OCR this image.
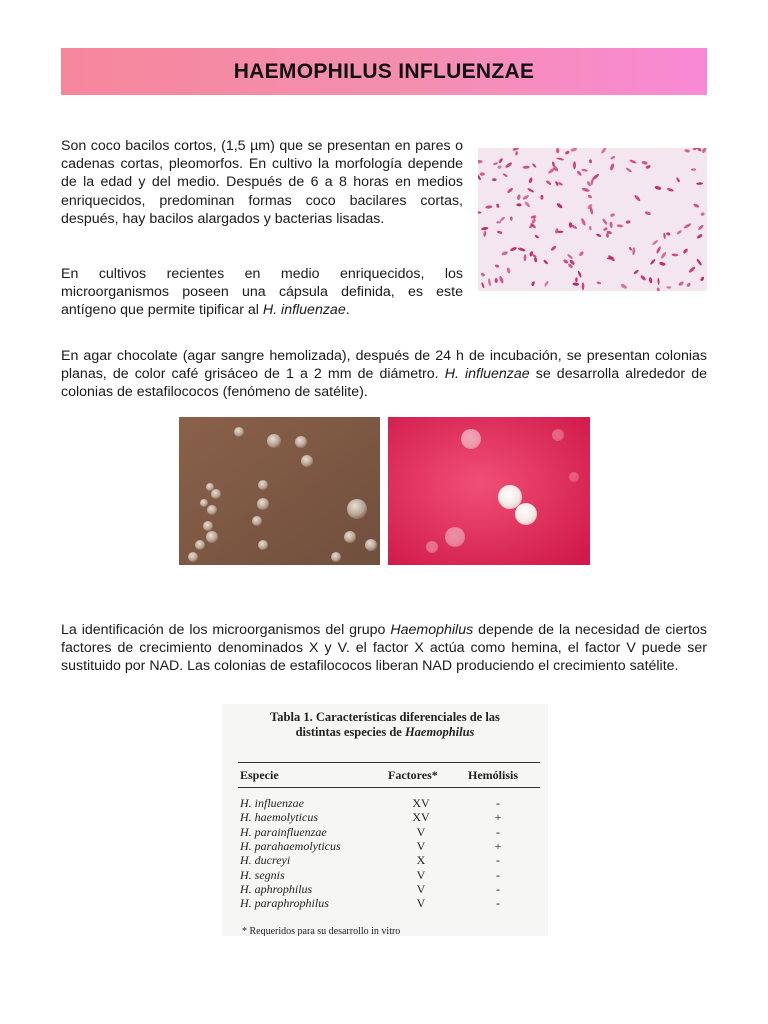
HAEMOPHILUS INFLUENZAE

Son coco bacilos cortos, (1,5 µm) que se presentan en pares o cadenas cortas, pleomorfos. En cultivo la morfología depende de la edad y del medio. Después de 6 a 8 horas en medios enriquecidos, predominan formas coco bacilares cortas, después, hay bacilos alargados y bacterias lisadas.

En cultivos recientes en medio enriquecidos, los microorganismos poseen una cápsula definida, es este antígeno que permite tipificar al H. influenzae.

En agar chocolate (agar sangre hemolizada), después de 24 h de incubación, se presentan colonias planas, de color café grisáceo de 1 a 2 mm de diámetro. H. influenzae se desarrolla alrededor de colonias de estafilococos (fenómeno de satélite).

La identificación de los microorganismos del grupo Haemophilus depende de la necesidad de ciertos factores de crecimiento denominados X y V. el factor X actúa como hemina, el factor V puede ser sustituido por NAD. Las colonias de estafilococos liberan NAD produciendo el crecimiento satélite.

Tabla 1. Características diferenciales de las
distintas especies de Haemophilus
Especie	Factores*	Hemólisis
H. influenzae	XV	-
H. haemolyticus	XV	+
H. parainfluenzae	V	-
H. parahaemolyticus	V	+
H. ducreyi	X	-
H. segnis	V	-
H. aphrophilus	V	-
H. paraphrophilus	V	-
* Requeridos para su desarrollo in vitro
